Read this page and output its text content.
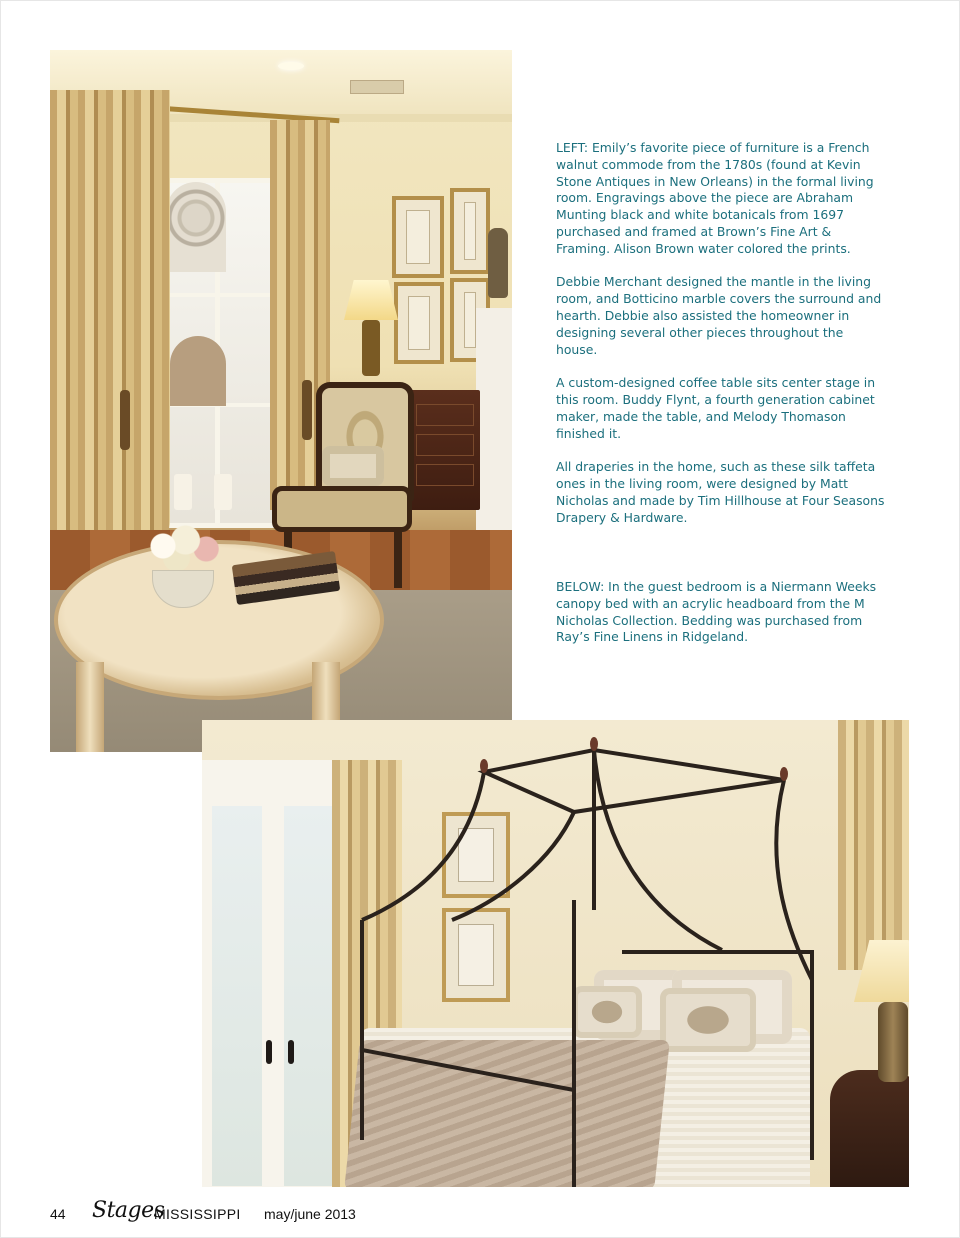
LEFT: Emily’s favorite piece of furniture is a French walnut commode from the 1780s (found at Kevin Stone Antiques in New Orleans) in the formal living room. Engravings above the piece are Abraham Munting black and white botanicals from 1697 purchased and framed at Brown’s Fine Art & Framing. Alison Brown water colored the prints.

Debbie Merchant designed the mantle in the living room, and Botticino marble covers the surround and hearth. Debbie also assisted the homeowner in designing several other pieces throughout the house.

A custom-designed coffee table sits center stage in this room. Buddy Flynt, a fourth generation cabinet maker, made the table, and Melody Thomason finished it.

All draperies in the home, such as these silk taffeta ones in the living room, were designed by Matt Nicholas and made by Tim Hillhouse at Four Seasons Drapery & Hardware.

BELOW: In the guest bedroom is a Niermann Weeks canopy bed with an acrylic headboard from the M Nicholas Collection. Bedding was purchased from Ray’s Fine Linens in Ridgeland.

44 Stages
MISSISSIPPI may/june 2013
